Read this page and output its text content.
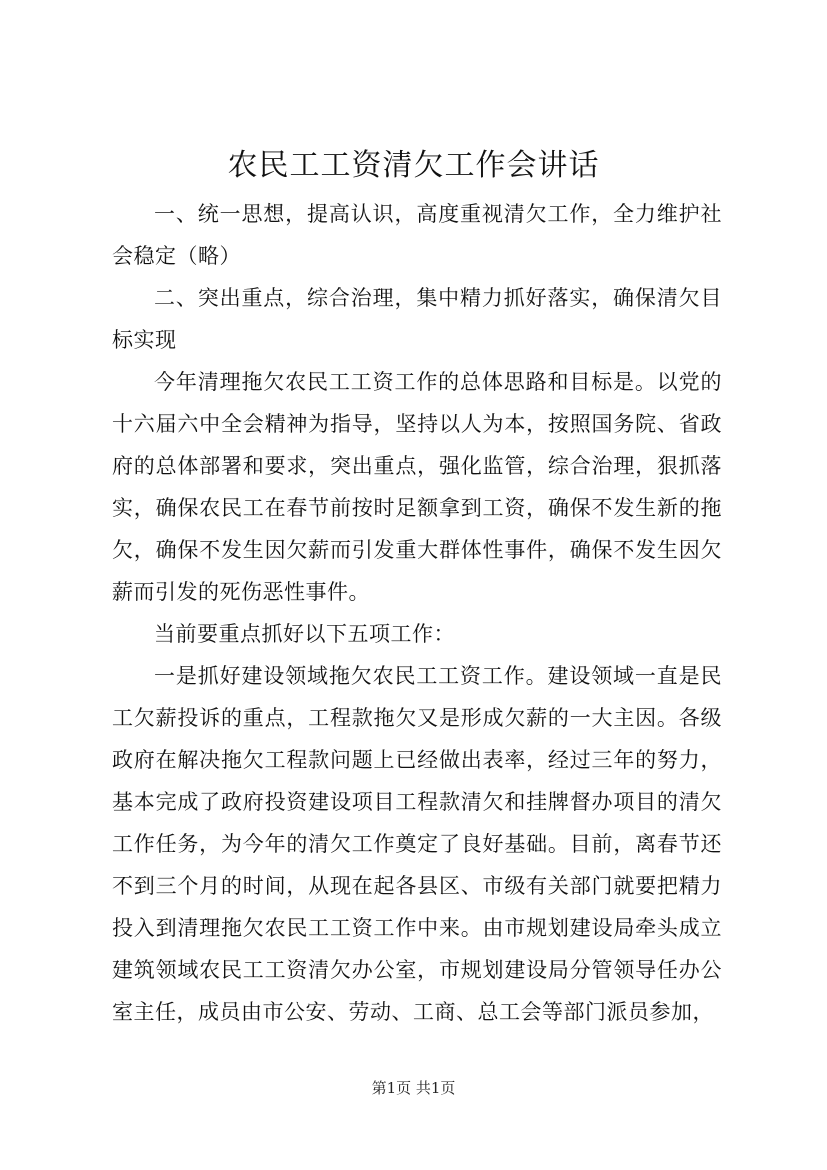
农民工工资清欠工作会讲话

一、统一思想，提高认识，高度重视清欠工作，全力维护社会稳定（略）

二、突出重点，综合治理，集中精力抓好落实，确保清欠目标实现

今年清理拖欠农民工工资工作的总体思路和目标是。以党的十六届六中全会精神为指导，坚持以人为本，按照国务院、省政府的总体部署和要求，突出重点，强化监管，综合治理，狠抓落实，确保农民工在春节前按时足额拿到工资，确保不发生新的拖欠，确保不发生因欠薪而引发重大群体性事件，确保不发生因欠薪而引发的死伤恶性事件。

当前要重点抓好以下五项工作：

一是抓好建设领域拖欠农民工工资工作。建设领域一直是民工欠薪投诉的重点，工程款拖欠又是形成欠薪的一大主因。各级政府在解决拖欠工程款问题上已经做出表率，经过三年的努力，基本完成了政府投资建设项目工程款清欠和挂牌督办项目的清欠工作任务，为今年的清欠工作奠定了良好基础。目前，离春节还不到三个月的时间，从现在起各县区、市级有关部门就要把精力投入到清理拖欠农民工工资工作中来。由市规划建设局牵头成立建筑领域农民工工资清欠办公室，市规划建设局分管领导任办公室主任，成员由市公安、劳动、工商、总工会等部门派员参加，

第1页 共1页
